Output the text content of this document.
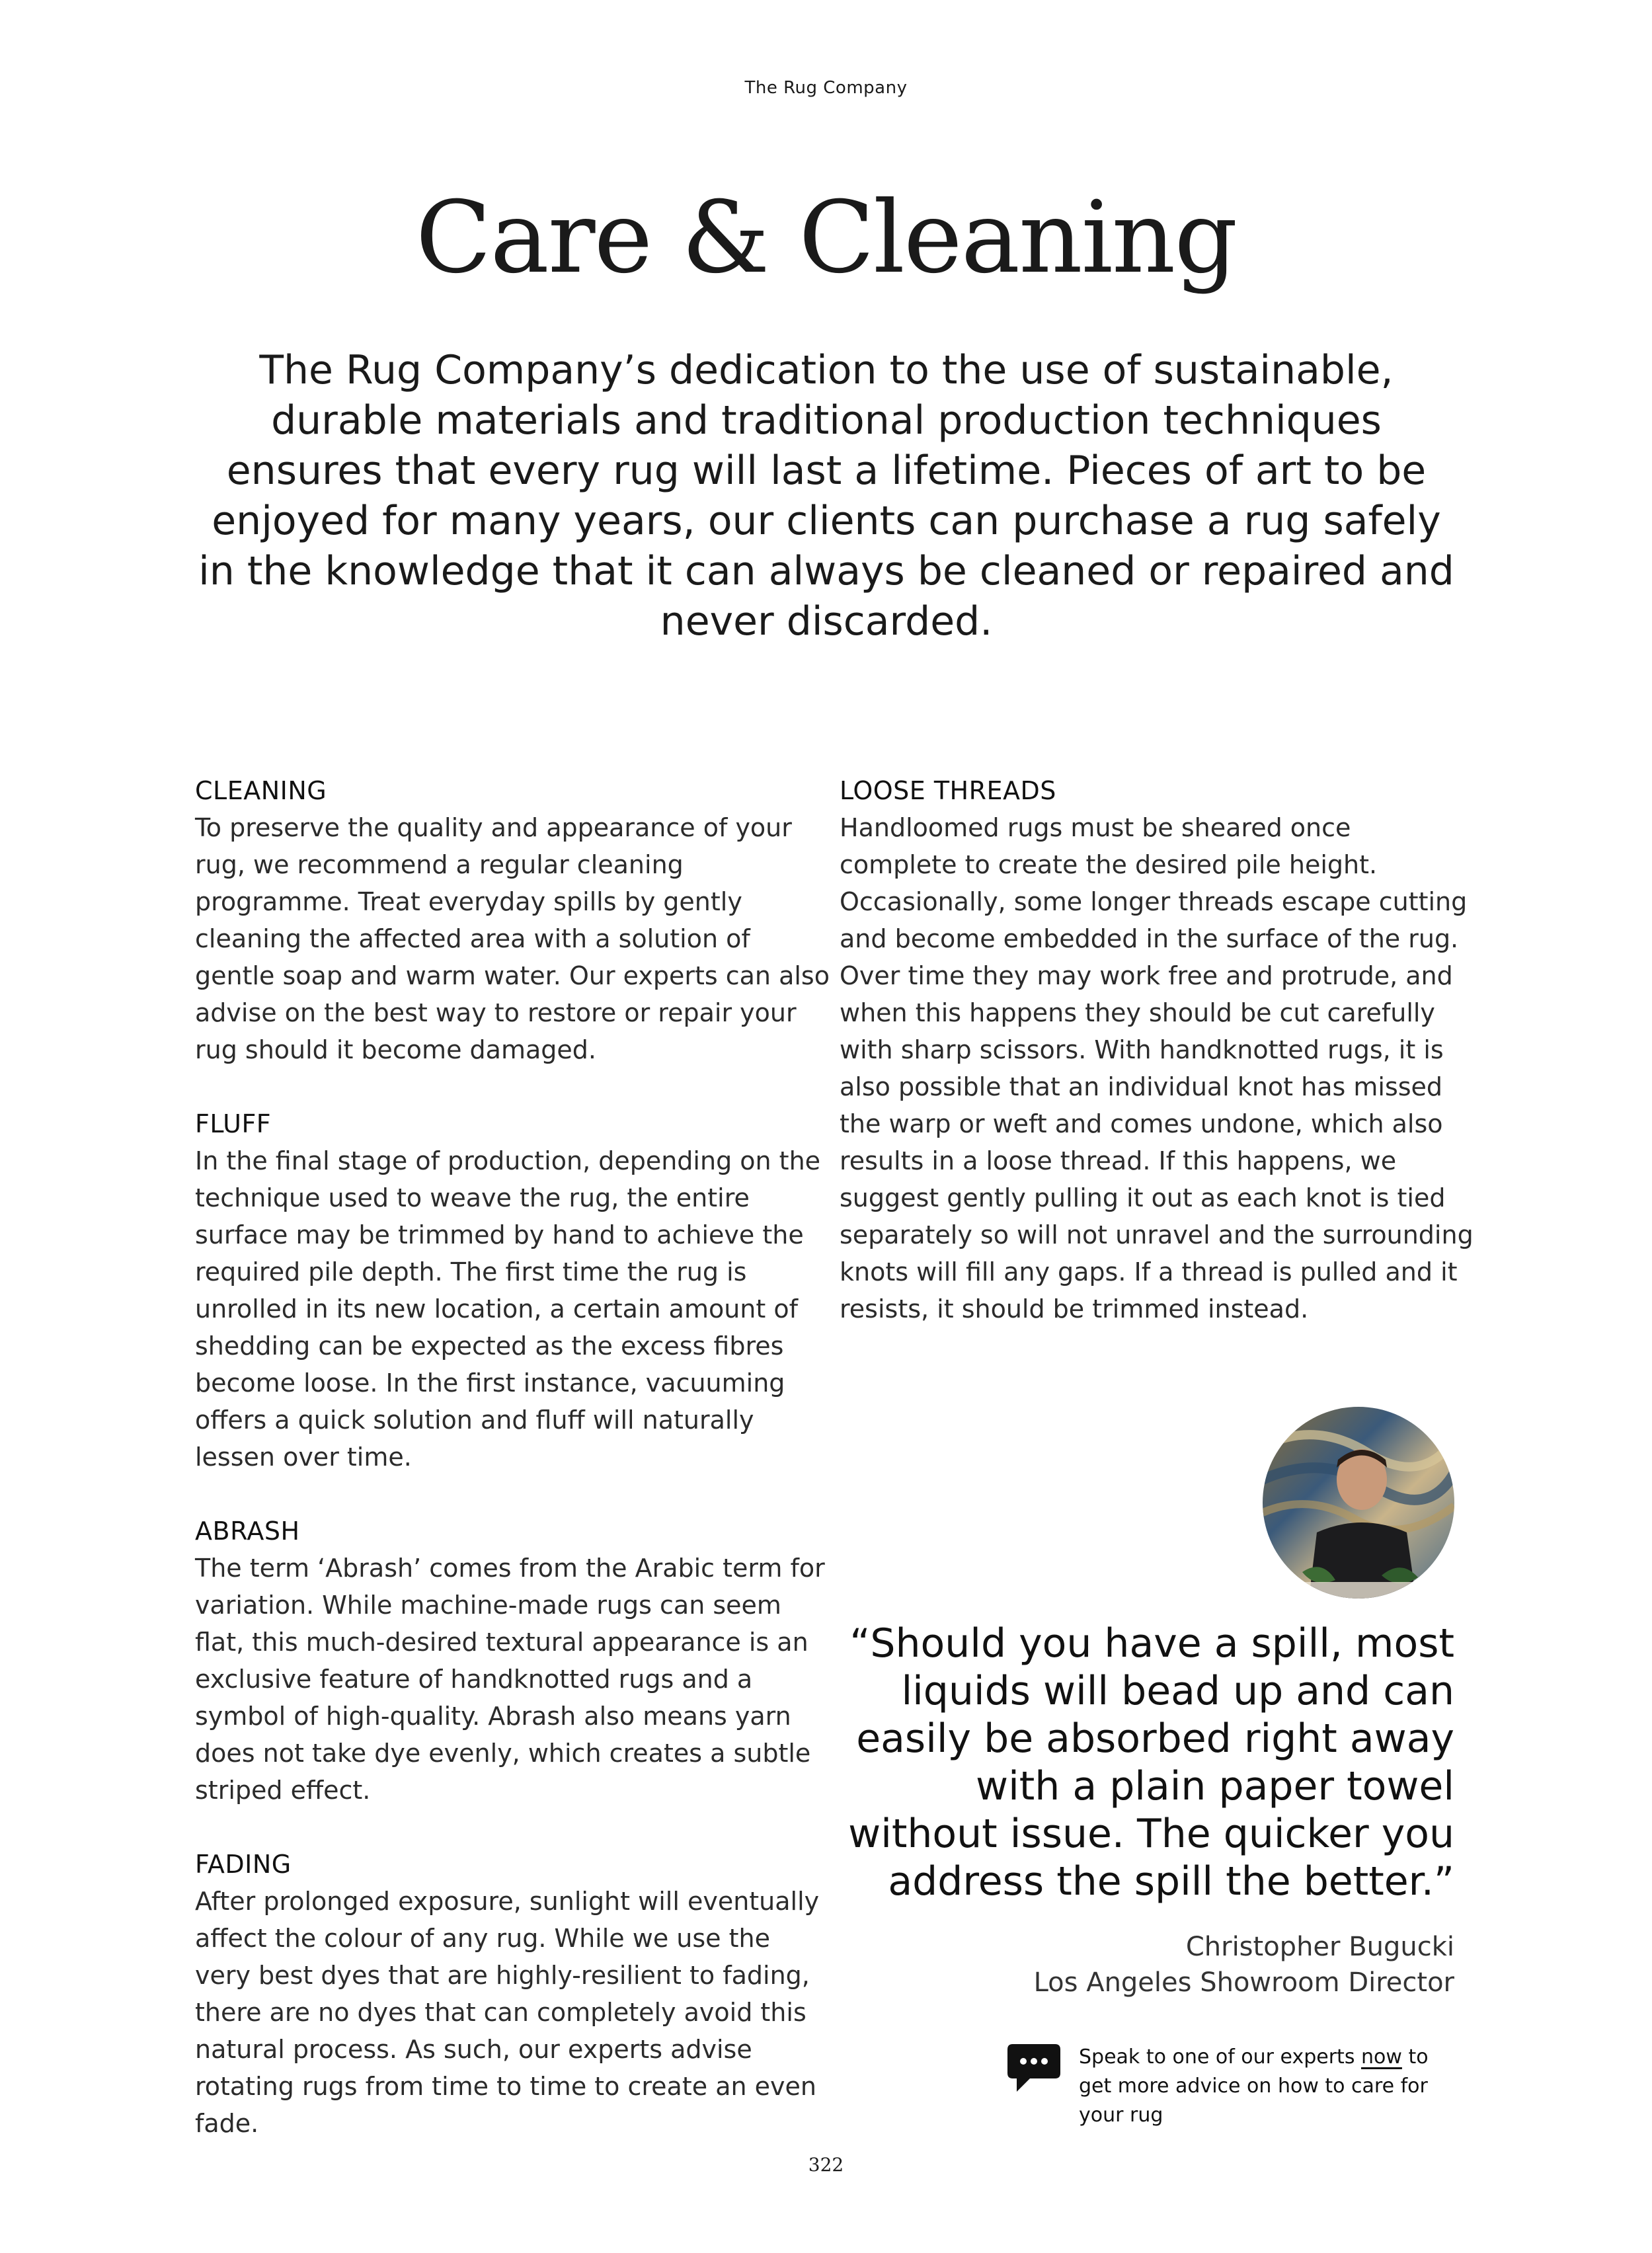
The Rug Company
Care & Cleaning

The Rug Company’s dedication to the use of sustainable, durable materials and traditional production techniques ensures that every rug will last a lifetime. Pieces of art to be enjoyed for many years, our clients can purchase a rug safely in the knowledge that it can always be cleaned or repaired and never discarded.

CLEANING

To preserve the quality and appearance of your rug, we recommend a regular cleaning programme. Treat everyday spills by gently cleaning the affected area with a solution of gentle soap and warm water. Our experts can also advise on the best way to restore or repair your rug should it become damaged.

FLUFF

In the final stage of production, depending on the technique used to weave the rug, the entire surface may be trimmed by hand to achieve the required pile depth. The first time the rug is unrolled in its new location, a certain amount of shedding can be expected as the excess fibres become loose. In the first instance, vacuuming offers a quick solution and fluff will naturally lessen over time.

ABRASH

The term ‘Abrash’ comes from the Arabic term for variation. While machine-made rugs can seem flat, this much-desired textural appearance is an exclusive feature of handknotted rugs and a symbol of high-quality. Abrash also means yarn does not take dye evenly, which creates a subtle striped effect.

FADING

After prolonged exposure, sunlight will eventually affect the colour of any rug. While we use the very best dyes that are highly-resilient to fading, there are no dyes that can completely avoid this natural process. As such, our experts advise rotating rugs from time to time to create an even fade.

LOOSE THREADS

Handloomed rugs must be sheared once complete to create the desired pile height. Occasionally, some longer threads escape cutting and become embedded in the surface of the rug. Over time they may work free and protrude, and when this happens they should be cut carefully with sharp scissors. With handknotted rugs, it is also possible that an individual knot has missed the warp or weft and comes undone, which also results in a loose thread. If this happens, we suggest gently pulling it out as each knot is tied separately so will not unravel and the surrounding knots will fill any gaps. If a thread is pulled and it resists, it should be trimmed instead.

“Should you have a spill, most liquids will bead up and can easily be absorbed right away with a plain paper towel without issue. The quicker you address the spill the better.”

Christopher Bugucki
Los Angeles Showroom Director
Speak to one of our experts now to get more advice on how to care for your rug
322
